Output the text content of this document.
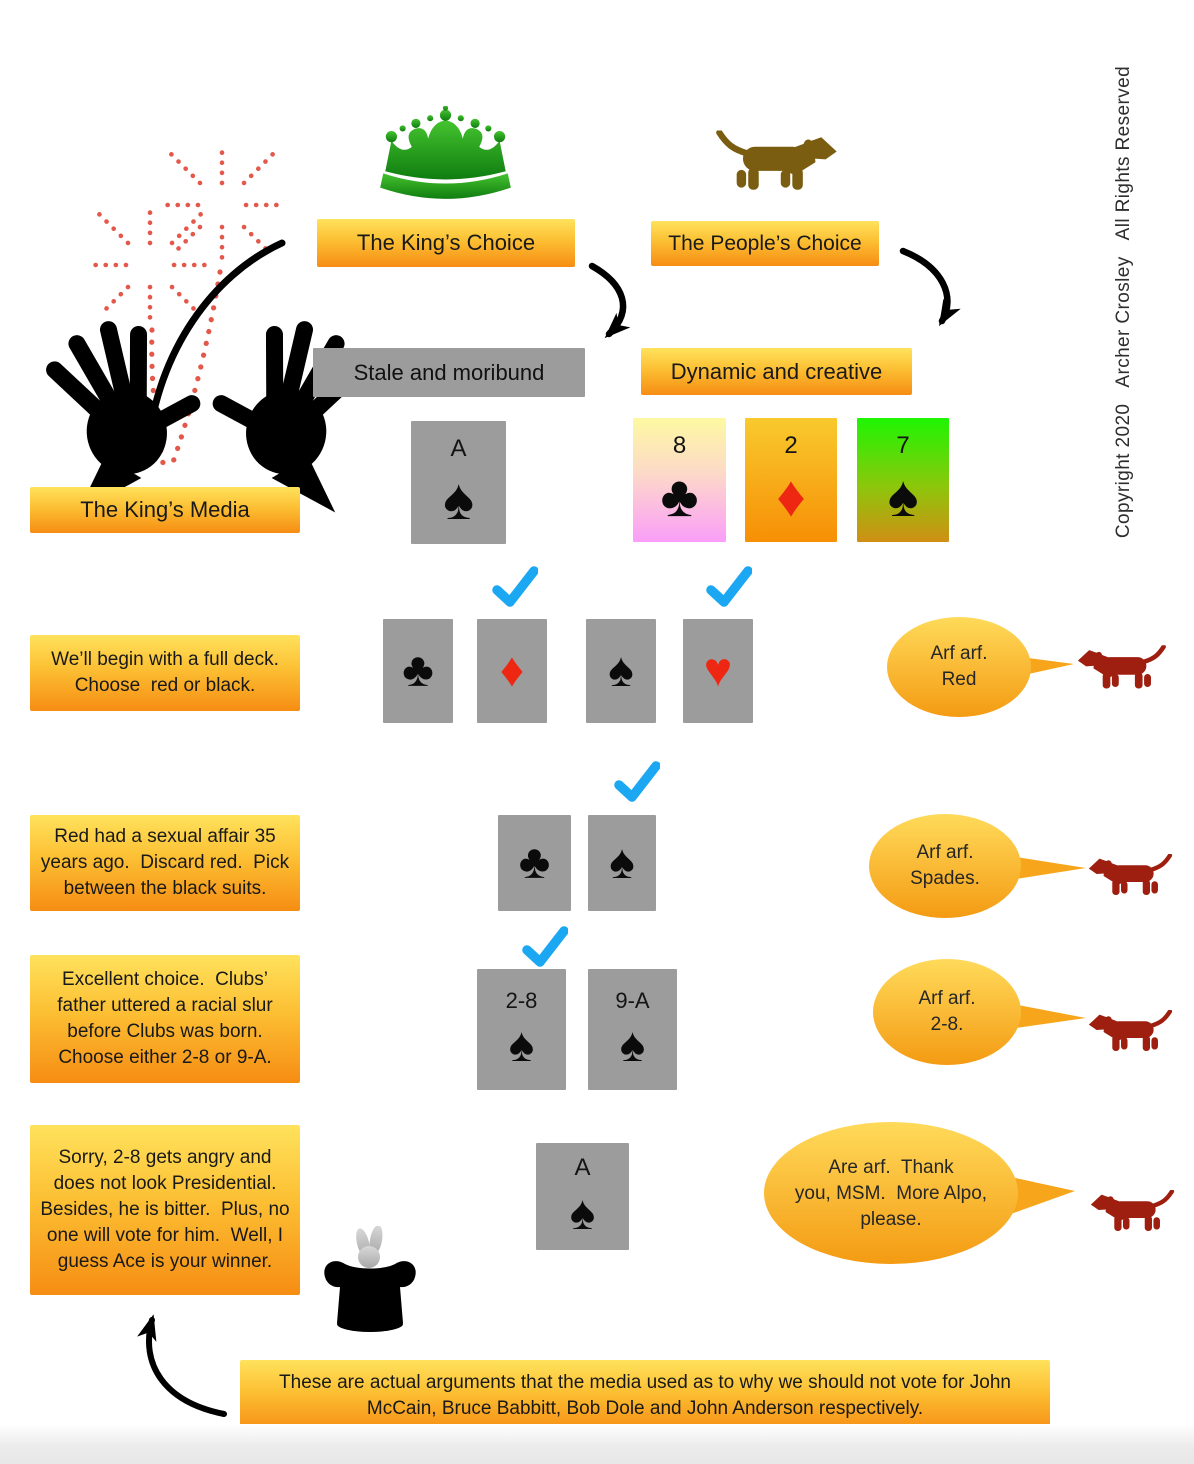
The King’s Choice	The People’s Choice
Stale and moribund	Dynamic and creative
The King’s Media
A
♠
8
♣
2
♦
7
♠
♣ ♦ ♠ ♥
We’ll begin with a full deck.
Choose  red or black.
Arf arf.
Red
Red had a sexual affair 35
years ago.  Discard red.  Pick
between the black suits.	♣ ♠	Arf arf.
Spades.
Excellent choice.  Clubs’
father uttered a racial slur
before Clubs was born.
Choose either 2-8 or 9-A.
2-8
♠
9-A
♠
Arf arf.
2-8.
Sorry, 2-8 gets angry and
does not look Presidential.
Besides, he is bitter.  Plus, no
one will vote for him.  Well, I
guess Ace is your winner.
A
♠
Are arf.  Thank
you, MSM.  More Alpo,
please.
These are actual arguments that the media used as to why we should not vote for John
McCain, Bruce Babbitt, Bob Dole and John Anderson respectively.
Copyright 2020   Archer Crosley   All Rights Reserved
